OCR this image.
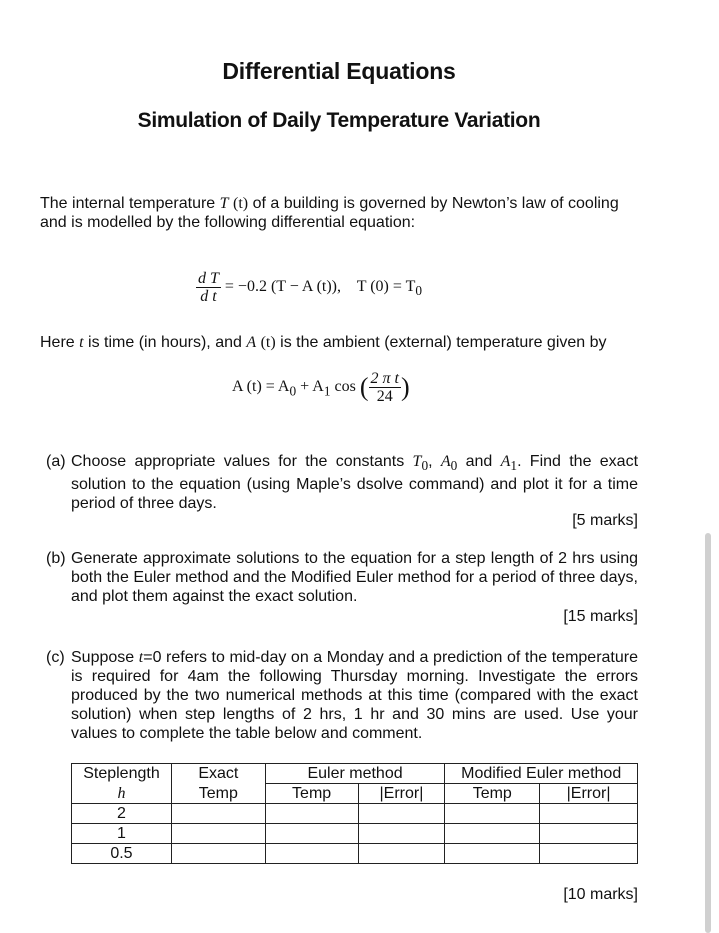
Differential Equations
Simulation of Daily Temperature Variation
The internal temperature T (t) of a building is governed by Newton’s law of cooling and is modelled by the following differential equation:
$\frac{\text{d T}}{\text{d t}} = -0.2$ (T − A (t)), T $(0) = T_0$
Here t is time (in hours), and A (t) is the ambient (external) temperature given by
A $(t) = A_0 + A_1$ cos ( $\frac{\text{2 π t}}{24}$ )
(a) Choose appropriate values for the constants $T_0$, $A_0$ and $A_1$. Find the exact solution to the equation (using Maple’s dsolve command) and plot it for a time period of three days.
[5 marks]
(b) Generate approximate solutions to the equation for a step length of 2 hrs using both the Euler method and the Modified Euler method for a period of three days, and plot them against the exact solution.
[15 marks]
(c) Suppose t=0 refers to mid-day on a Monday and a prediction of the temperature is required for 4am the following Thursday morning. Investigate the errors produced by the two numerical methods at this time (compared with the exact solution) when step lengths of 2 hrs, 1 hr and 30 mins are used. Use your values to complete the table below and comment.
Steplength	Exact	Euler method		Modified Euler method	
h	Temp	Temp	|Error|	Temp	|Error|
2					
1					
0.5					
[10 marks]
